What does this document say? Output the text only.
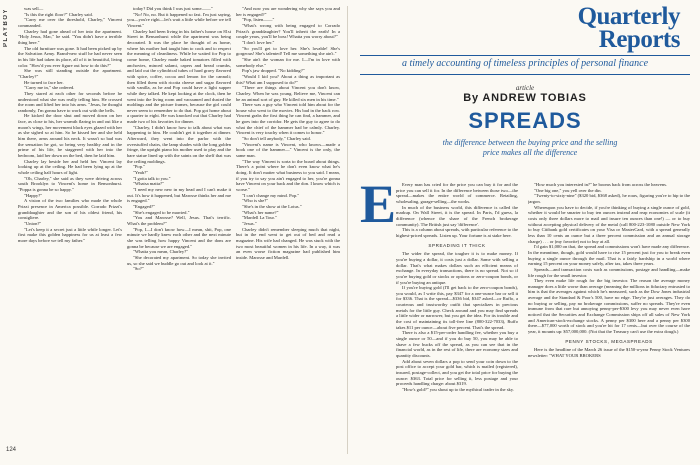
PLAYBOY
124

was sell—

"Is this the right floor?" Charley said.

"Carry me over the threshold, Charley," Vincent commanded.

Charley had gone ahead of her into the apartment. "Holy Jesus, Mac," he said. "You didn't have a terrible thing here."

The old furniture was gone. It had been picked up by the Salvation Army. Brand-new stuff he had never seen in his life had taken its place, all of it in beautiful, living color. "How'd you ever figure out how to do this?"

She was still standing outside the apartment. "Charley?"

He turned to face her.

"Carry me in," she ordered.

They stared at each other for seconds before he understood what she was really telling him. He crossed the room and lifted her into his arms. "Jesus, he thought randomly, I'm gonna have to work out with the bells.

He kicked the door shut and moved down on her face, as close to his, her warmth flaring in and out like a moon's wings, her movement black eyes glazed with her as she sighed so at him. So he kissed her and she held him there, arms around his neck. It wasn't so bad was the sensation he got, so being very healthy and in the prime of his life, he staggered with her into the bedroom, laid her down on the bed, then he laid him.

Charley lay beside her and held her. Vincent lay looking up at the ceiling. He had been lying up at the whole ceiling half hours of light.

"Oh, Charley," she said as they were driving across south Brooklyn to Vincent's home in Bensonhurst. "Poppa is gonna be so happy."

"Happy?"

A vision of the two families who made the whole Prizzi presence in America possible. Corrado Prizzi's granddaughter and the son of his oldest friend, his consigliere.

"Union?"

"Let's keep it a secret just a little while longer. Let's first make this golden happiness for us at least a few more days before we tell my father."

today? Did you think I was just some——"

"No! No, no. But it happened so fast. I'm just saying, you—you're right—let's wait a little while before we tell Vincent."

Charley had been living in his father's house on 81st Street in Bensonhurst while the apartment was being decorated. It was the place he thought of as home, where his mother had taught him to cook and to respect the meaning of cleanliness. While he waited for Pop to come home, Charley made baked tomatoes filled with anchovies, minced salami, capers and bread crumbs, and laid out the cylindrical tubes of hard gravy flavored with spice, coffee, cocoa and lemon for the cannoli; then filled them with ricotta cheese and sugar flavored with vanilla, as he and Pop could have a light supper while they talked. He kept looking at the clock, then he went into the living room and vacuumed and dusted the moldings and the picture frames, because the girl could never seem to remember to do that. Pop got home about a quarter to eight. He was knocked out that Charley had made two of his favorites for dinner.

"Charley, I didn't know how to talk about what was happening to him. He couldn't get it together at dinner. Afterward, they went into the parlor with the overstuffed chairs, the lamp shades with the long golden fringe, the upright piano his mother used to play and the bare statue lined up with the saints on the shelf that was the ceiling moldings.

"Pop."

"Yeah?"

"I gotta talk to you."

"Whatsa matta?"

"I need my new new in my head and I can't make it out. It's how it happened, but Marosse thinks her and me is engaged."

"Engaged?"

"She's engaged to be married."

"You and Marosse? Well, Jesus. That's terrific. What's the problem?"

"Pop, I—I don't know how—I mean, shit, Pop, one minute we hardly knew each other and the next minute she was telling how happy Vincent and the dons are gonna be because we are engaged."

"Whatta you mean, Charley?"

"She decorated my apartment. So today she invited us, so she said we buddle go out and look at it."

"So?"

"And now you are wondering why she says you and her is engaged?"

"Pop, listen——"

"What's wrong with being engaged to Corrado Prizzi's granddaughter? You'll inherit the earth! In a couple years, you'll be boss! Whatta you worry about?"

"I don't love her."

"So you'll get to love her. She's lovable! She's gorgeous! She's talented! Tell me something she ain't."

"She ain't the woman for me. I—I'm in love with somebody else."

Pop's jaw dropped. "No kidding?"

"Would I kid you? About a thing as important as this? What am I supposed to do?"

"There are things about Vincent you don't know, Charley. When he was young. Believe me, Vincent can be an animal sort of guy. He killed six men in his time."

There was a guy who Vincent told him about for the house who went to the movies. His bad in the back row. Vincent grabs the first thing he can find, a hammer, and he goes into the corridor. He gets the guy to agree to do what the chief of the hammer had be calmly. Charley. Vincent is very touchy when it comes to honor."

"So don't tell anybody," Charley said.

"Vincent's name is Vincent, who knows—made a book one of the hammer—" Vincent is the only, the same man.

"The way Vincent is sorta to the board about things. There's a point where he don't even know what he's doing. It don't matter what business to you said. I mean, if you try to say you ain't engaged to her, you're gonna have Vincent on your back and the don. I know which is worse."

"I can't change my mind. Pop."

"Who is she?"

"She's in the show at the Lotus."

"What's her name?"

"Mardell La Tour."

"Jesus."

Charley didn't remember sleeping much that night, but in the end went to get out of bed and read a magazine. His wife had changed. He was stuck with the two most beautiful women in his life. In a way, it was an even worse fiction magazine had published him inside. Marosse and Mardell.

Quarterly
Reports
a timely accounting of timeless principles of personal finance
article
By ANDREW TOBIAS
SPREADS
the difference between the buying price and the selling price makes all the difference
E	Every man has cried for the price you can buy it for and the price you can sell it for. In the difference between those two—the spread—makes the entire world of commerce. Retailing, wholesaling, garage-selling—the works.

In much of the business world, this difference is called the markup. On Wall Street, it is the spread. In Paris, I'd guess, la difference (whence the share of the French brokerage community). The British just say 'difference'.

This is a column about spreads, with particular reference to the highest-priced spreads. Listen up. Your fortune is at stake here.

SPREADING IT THICK

The wider the spread, the tougher it is to make money. If you're buying a dollar, it costs just a dollar. Same with selling a dollar. That's what makes dollars such an efficient means of exchange. In everyday transactions, there is no spread. Not so if you're buying gold or stocks or options or zero-coupon bonds, or if you're buying an antique.

If you're buying gold (I'll get back to the zero-coupon bonds), you would, as I write this, pay $347 for a one-ounce bar or sell it for $336. That is the spread—$336 bid, $347 asked—or Ruffo, a courteous and trustworthy outfit that specializes in precious metals for the little guy. Check around and you may find spreads a little wider or narrower, but you get the idea. For its trouble and the cost of maintaining its toll-free line (800-322-7033), Ruffo takes $11 per ounce—about five percent. That's the spread.

There is also a $15-per-order handling fee, whether you buy a single ounce or 50—and if you do buy 50, you may be able to shave a few bucks off the spread, as you can see that in the financial world, as in the rest of life, there are economy sizes and quantity discounts.

Add about seven dollars a pop to send your coin down to the post office to accept your gold bar, which is mailed (registered), insured, postage-collect, and you get the total price for buying the ounce: $363. Total price for selling it, less postage and your proceeds handling charge: about $319.

"How's gold?" you shout up to the mythical trader in the sky.

"How much you interested in?" he booms back from across the heavens.

"One big one," you yell over the din.

"Twenty-to-sixty-nine" ($320 bid, $368 asked), he roars, figuring you're to hip to the jargon.

Whereupon you have to decide, if you're thinking of buying a single ounce of gold, whether it would be smarter to buy ten ounces instead and reap economies of scale (it costs only three dollars more to mail and insure ten ounces than one!) — or to buy without accepting physical delivery of the metal (call 800-223-1080 outside New York to buy Citibank gold certificates on your Visa or MasterCard, with a spread generally less than 10 cents an ounce but a three percent commission and an annual storage charge) . . . or (my favorite) not to buy at all.

I'd gain $1,000 on that, the spread and commissions won't have made any difference. In the meantime, though, gold would have to rise 15 percent just for you to break even buying a single ounce through the mail. That is a fairly hardship in a world where earning 15 percent on your money safely, after tax, takes three years.

Spreads—and transaction costs such as commissions, postage and handling—make life rough for the small investor.

They even make life rough for the big investor. The reason the average money manager does a little worse than average (meaning the millions in fiduciary entrusted to him is that the averages against which he's measured, such as the Dow Jones industrial average and the Standard & Poor's 500, have no edge. They're just averages. They do no buying or selling, pay no brokerage commissions, suffer no spreads. They're even immune from that rare but annoying penny-per-$300 levy you may never even have noticed that the Securities and Exchange Commission ships off all sales of New York and American-stock-exchange stocks. A penny per $300 here and a penny per $300 there—$77,000 worth of stock and you're hit for 17 cents—but over the course of the year, it mounts up: $57,000,000. (Not that the Treasury can't use the extra dough.)

PENNY STOCKS, MEGASPREADS

Here is the headline of the March 26 issue of the $150-a-year Penny Stock Ventures newsletter: "WHAT YOUR BROKERS
